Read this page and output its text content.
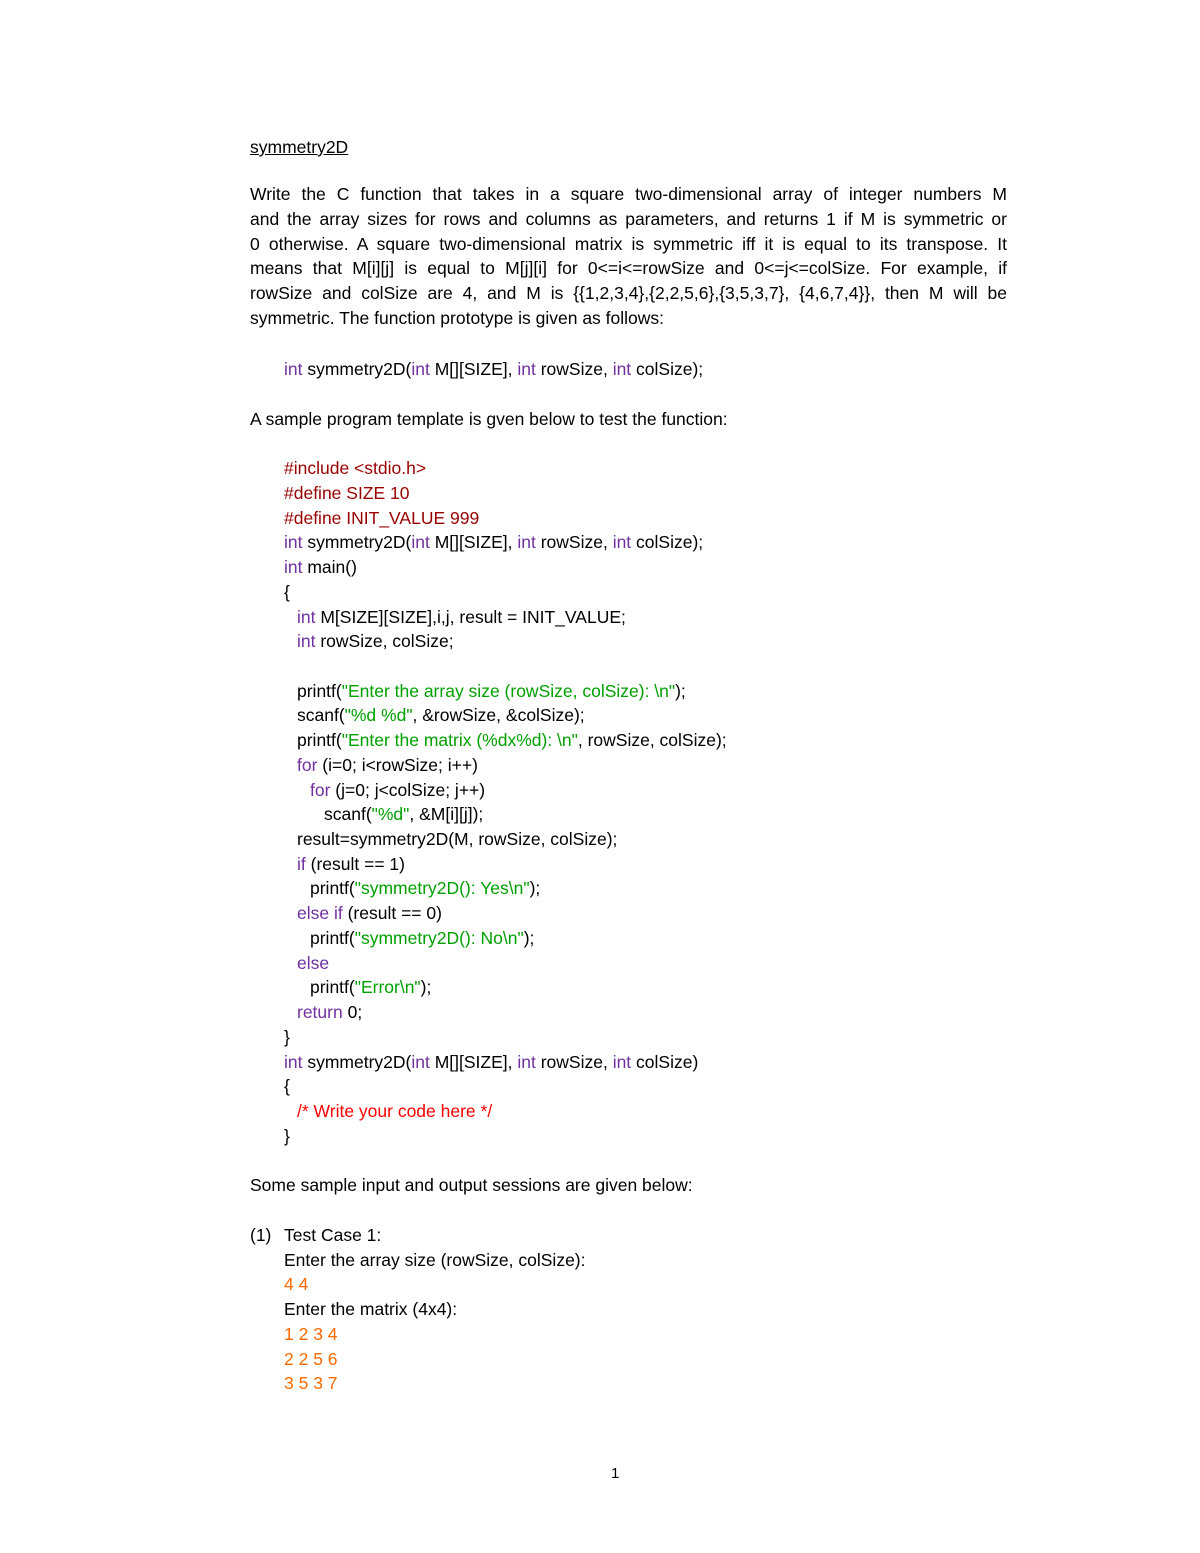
symmetry2D
Write the C function that takes in a square two-dimensional array of integer numbers M
and the array sizes for rows and columns as parameters, and returns 1 if M is symmetric or
0 otherwise. A square two-dimensional matrix is symmetric iff it is equal to its transpose. It
means that M[i][j] is equal to M[j][i] for 0<=i<=rowSize and 0<=j<=colSize. For example, if
rowSize and colSize are 4, and M is {{1,2,3,4},{2,2,5,6},{3,5,3,7}, {4,6,7,4}}, then M will be
symmetric. The function prototype is given as follows:
int symmetry2D(int M[][SIZE], int rowSize, int colSize);
A sample program template is gven below to test the function:
#include <stdio.h>
#define SIZE 10
#define INIT_VALUE 999
int symmetry2D(int M[][SIZE], int rowSize, int colSize);
int main()
{
int M[SIZE][SIZE],i,j, result = INIT_VALUE;
int rowSize, colSize;
printf("Enter the array size (rowSize, colSize): \n");
scanf("%d %d", &rowSize, &colSize);
printf("Enter the matrix (%dx%d): \n", rowSize, colSize);
for (i=0; i<rowSize; i++)
for (j=0; j<colSize; j++)
scanf("%d", &M[i][j]);
result=symmetry2D(M, rowSize, colSize);
if (result == 1)
printf("symmetry2D(): Yes\n");
else if (result == 0)
printf("symmetry2D(): No\n");
else
printf("Error\n");
return 0;
}
int symmetry2D(int M[][SIZE], int rowSize, int colSize)
{
/* Write your code here */
}
Some sample input and output sessions are given below:
(1) Test Case 1:
Enter the array size (rowSize, colSize):
4 4
Enter the matrix (4x4):
1 2 3 4
2 2 5 6
3 5 3 7
1
